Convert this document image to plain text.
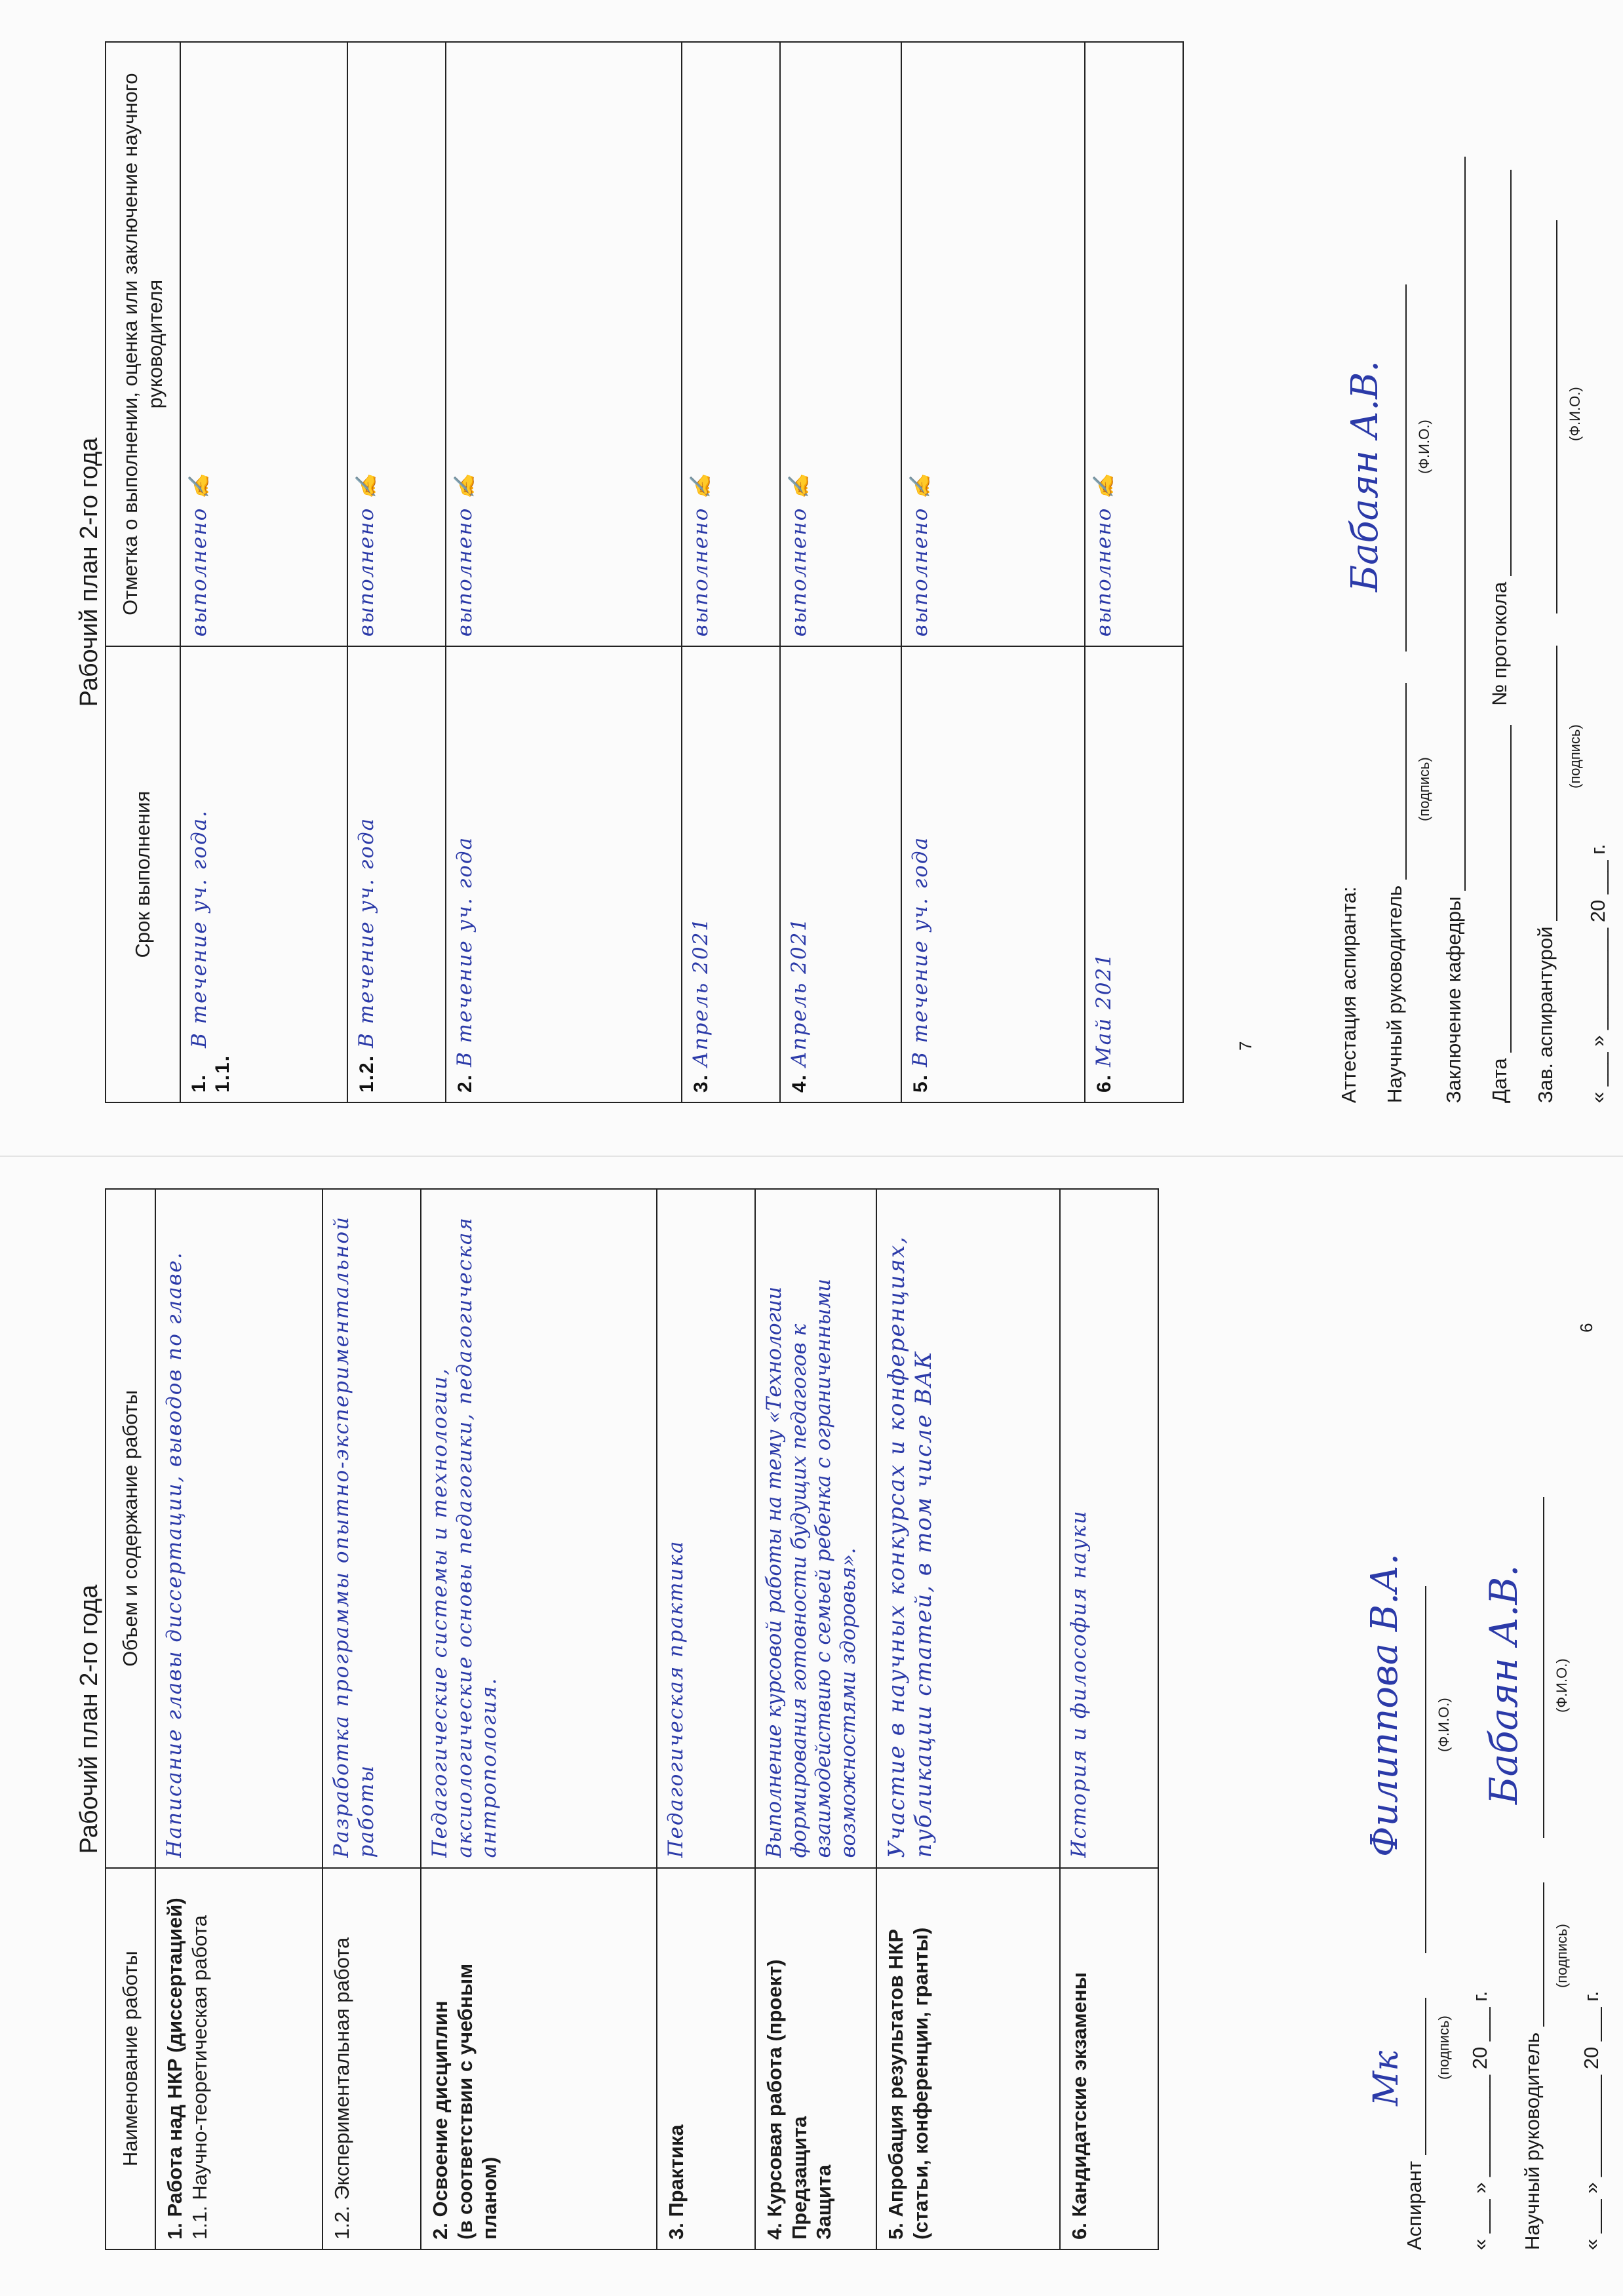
Рабочий план 2-го года
Наименование работы	Объем и содержание работы

1. Работа над НКР (диссертацией) 1.1. Научно-теоретическая работа	Написание главы диссертации, выводов по главе.

1.2. Экспериментальная работа	Разработка программы опытно-экспериментальной работы

2. Освоение дисциплин (в соответствии с учебным планом)	Педагогические системы и технологии, аксиологические основы педагогики, педагогическая антропология.

3. Практика	Педагогическая практика

4. Курсовая работа (проект) Предзащита
Защита	Выполнение курсовой работы на тему «Технологии формирования готовности будущих педагогов к взаимодействию с семьей ребенка с ограниченными возможностями здоровья».

5. Апробация результатов НКР (статьи, конференции, гранты)	Участие в научных конкурсах и конференциях, публикации статей, в том числе ВАК

6. Кандидатские экзамены	История и философия науки
Аспирант
Мк
Филиппова В.А.
(подпись)
(Ф.И.О.)
« ___ » _________ 20 ___ г. Научный руководитель
Бабаян А.В.
(подпись)
(Ф.И.О.)
« ___ » _________ 20 ___ г.
6
Рабочий план 2-го года
Срок выполнения	Отметка о выполнении, оценка или заключение научного руководителя

1.
1.1.
В течение уч. года.	выполнено ✍
1.2.В течение уч. года	выполнено ✍
2.В течение уч. года	выполнено ✍
3.Апрель 2021	выполнено ✍
4.Апрель 2021	выполнено ✍
5.В течение уч. года	выполнено ✍
6.Май 2021	выполнено ✍
Аттестация аспиранта: Научный руководитель
Бабаян А.В.
(подпись)
(Ф.И.О.)
Заключение кафедры Дата  № протокола
Зав. аспирантурой
(подпись)
(Ф.И.О.)
« ___ » _________ 20 ___ г.
7
